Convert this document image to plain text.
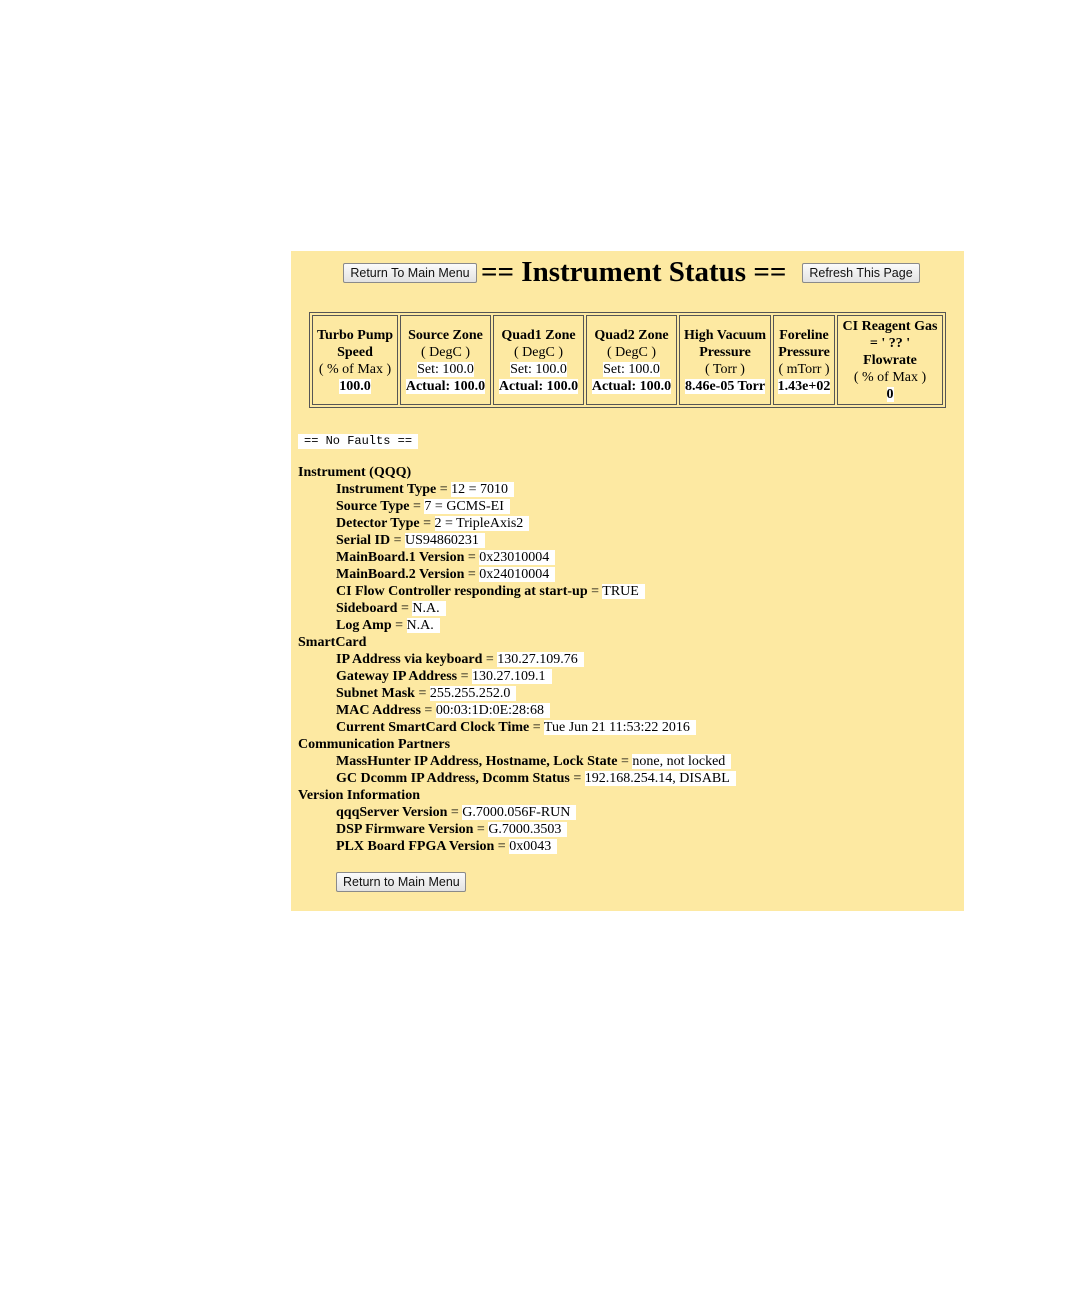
Return To Main Menu == Instrument Status ==	Refresh This Page
Turbo Pump
Speed
( % of Max )
100.0	Source Zone
( DegC )
Set: 100.0
Actual: 100.0	Quad1 Zone
( DegC )
Set: 100.0
Actual: 100.0	Quad2 Zone
( DegC )
Set: 100.0
Actual: 100.0	High Vacuum
Pressure
( Torr )
8.46e-05 Torr	Foreline
Pressure
( mTorr )
1.43e+02	CI Reagent Gas
= ' ?? '
Flowrate
( % of Max )
0
== No Faults ==
Instrument (QQQ)
Instrument Type = 12 = 7010
Source Type = 7 = GCMS-EI
Detector Type = 2 = TripleAxis2
Serial ID = US94860231
MainBoard.1 Version = 0x23010004
MainBoard.2 Version = 0x24010004
CI Flow Controller responding at start-up = TRUE
Sideboard = N.A.
Log Amp = N.A.
SmartCard
IP Address via keyboard = 130.27.109.76
Gateway IP Address = 130.27.109.1
Subnet Mask = 255.255.252.0
MAC Address = 00:03:1D:0E:28:68
Current SmartCard Clock Time = Tue Jun 21 11:53:22 2016
Communication Partners
MassHunter IP Address, Hostname, Lock State = none, not locked
GC Dcomm IP Address, Dcomm Status = 192.168.254.14, DISABL
Version Information
qqqServer Version = G.7000.056F-RUN
DSP Firmware Version = G.7000.3503
PLX Board FPGA Version = 0x0043
Return to Main Menu
